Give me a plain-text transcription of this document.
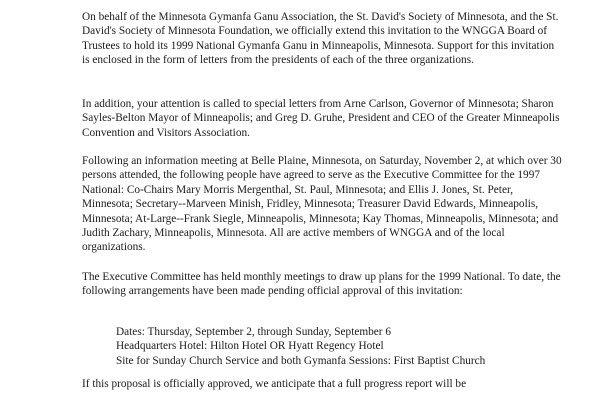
On behalf of the Minnesota Gymanfa Ganu Association, the St. David's Society of Minnesota, and the St. David's Society of Minnesota Foundation, we officially extend this invitation to the WNGGA Board of Trustees to hold its 1999 National Gymanfa Ganu in Minneapolis, Minnesota. Support for this invitation is enclosed in the form of letters from the presidents of each of the three organizations.

In addition, your attention is called to special letters from Arne Carlson, Governor of Minnesota; Sharon Sayles-Belton Mayor of Minneapolis; and Greg D. Gruhe, President and CEO of the Greater Minneapolis Convention and Visitors Association.

Following an information meeting at Belle Plaine, Minnesota, on Saturday, November 2, at which over 30 persons attended, the following people have agreed to serve as the Executive Committee for the 1997 National: Co-Chairs Mary Morris Mergenthal, St. Paul, Minnesota; and Ellis J. Jones, St. Peter, Minnesota; Secretary--Marveen Minish, Fridley, Minnesota; Treasurer David Edwards, Minneapolis, Minnesota; At-Large--Frank Siegle, Minneapolis, Minnesota; Kay Thomas, Minneapolis, Minnesota; and Judith Zachary, Minneapolis, Minnesota. All are active members of WNGGA and of the local organizations.

The Executive Committee has held monthly meetings to draw up plans for the 1999 National. To date, the following arrangements have been made pending official approval of this invitation:

Dates: Thursday, September 2, through Sunday, September 6
Headquarters Hotel: Hilton Hotel OR Hyatt Regency Hotel
Site for Sunday Church Service and both Gymanfa Sessions: First Baptist Church

If this proposal is officially approved, we anticipate that a full progress report will be
